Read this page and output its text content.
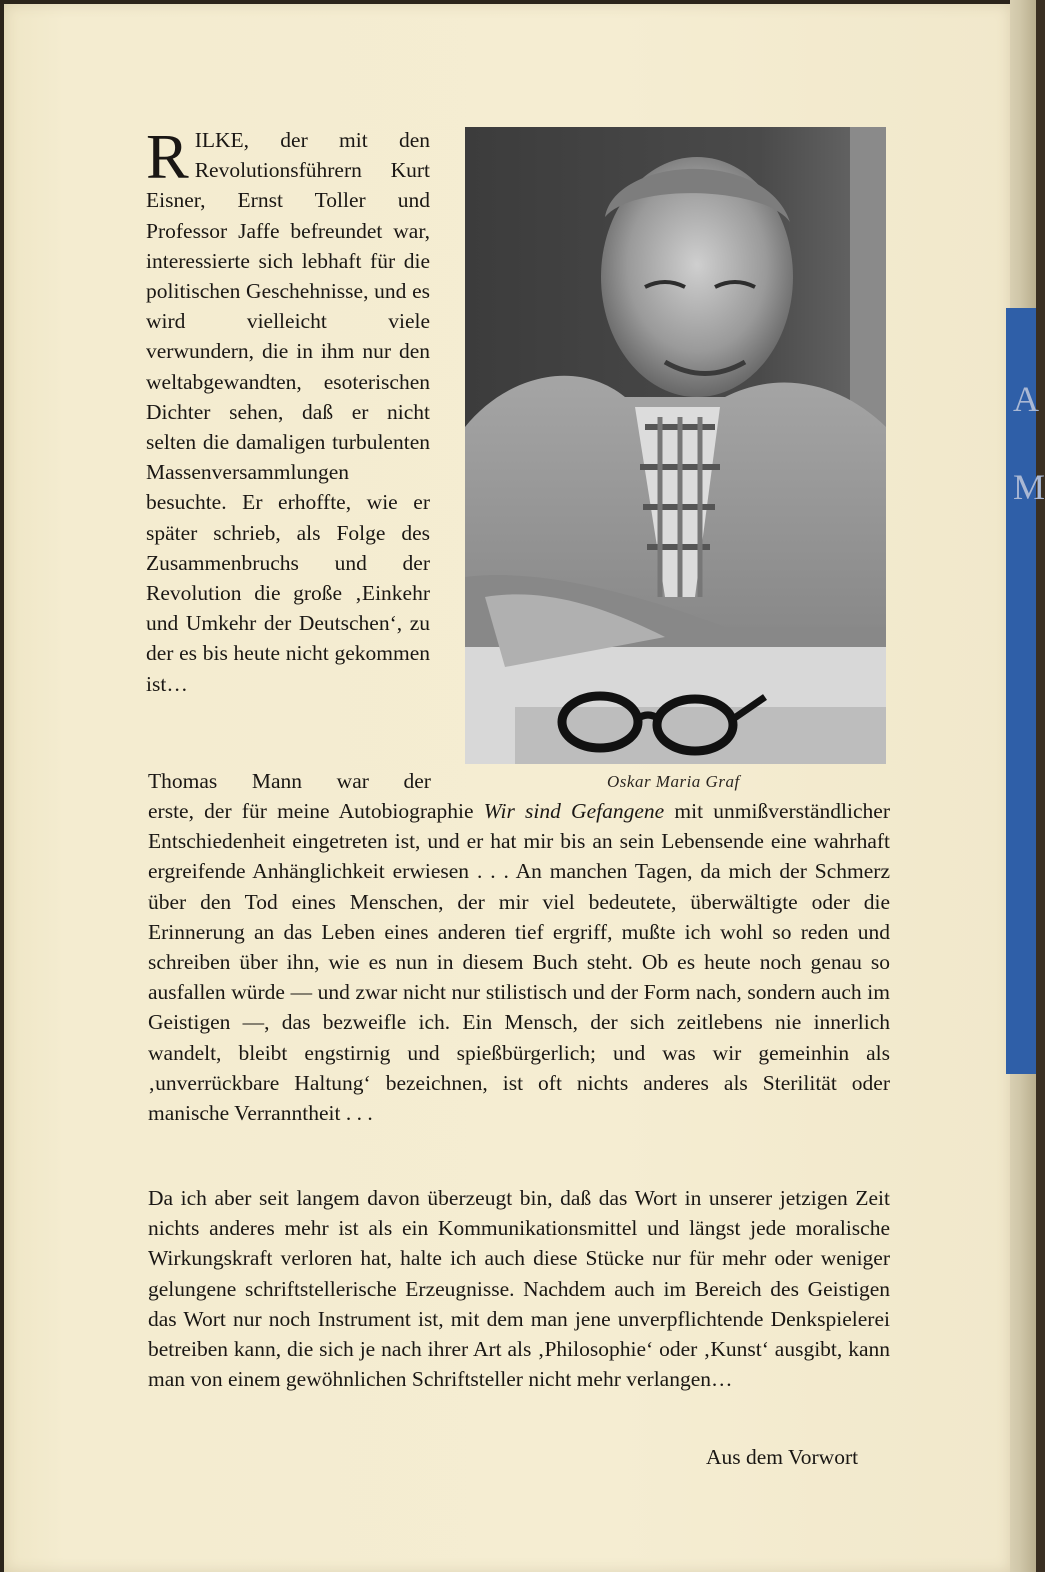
A
M

RILKE, der mit den Revolutionsführern Kurt Eisner, Ernst Toller und Professor Jaffe befreundet war, interessierte sich lebhaft für die politischen Geschehnisse, und es wird vielleicht viele verwundern, die in ihm nur den weltabgewandten, esoterischen Dichter sehen, daß er nicht selten die damaligen turbulenten Massenversammlungen besuchte. Er erhoffte, wie er später schrieb, als Folge des Zusammenbruchs und der Revolution die große ‚Einkehr und Umkehr der Deutschen‘, zu der es bis heute nicht gekommen ist…

Oskar Maria Graf
Thomas Mann war der

erste, der für meine Autobiographie Wir sind Gefangene mit unmißverständlicher Entschiedenheit eingetreten ist, und er hat mir bis an sein Lebensende eine wahrhaft ergreifende Anhänglichkeit erwiesen . . . An manchen Tagen, da mich der Schmerz über den Tod eines Menschen, der mir viel bedeutete, überwältigte oder die Erinnerung an das Leben eines anderen tief ergriff, mußte ich wohl so reden und schreiben über ihn, wie es nun in diesem Buch steht. Ob es heute noch genau so ausfallen würde — und zwar nicht nur stilistisch und der Form nach, sondern auch im Geistigen —, das bezweifle ich. Ein Mensch, der sich zeitlebens nie innerlich wandelt, bleibt engstirnig und spießbürgerlich; und was wir gemeinhin als ‚unverrückbare Haltung‘ bezeichnen, ist oft nichts anderes als Sterilität oder manische Verranntheit . . .

Da ich aber seit langem davon überzeugt bin, daß das Wort in unserer jetzigen Zeit nichts anderes mehr ist als ein Kommunikationsmittel und längst jede moralische Wirkungskraft verloren hat, halte ich auch diese Stücke nur für mehr oder weniger gelungene schriftstellerische Erzeugnisse. Nachdem auch im Bereich des Geistigen das Wort nur noch Instrument ist, mit dem man jene unverpflichtende Denkspielerei betreiben kann, die sich je nach ihrer Art als ‚Philosophie‘ oder ‚Kunst‘ ausgibt, kann man von einem gewöhnlichen Schriftsteller nicht mehr verlangen…

Aus dem Vorwort
